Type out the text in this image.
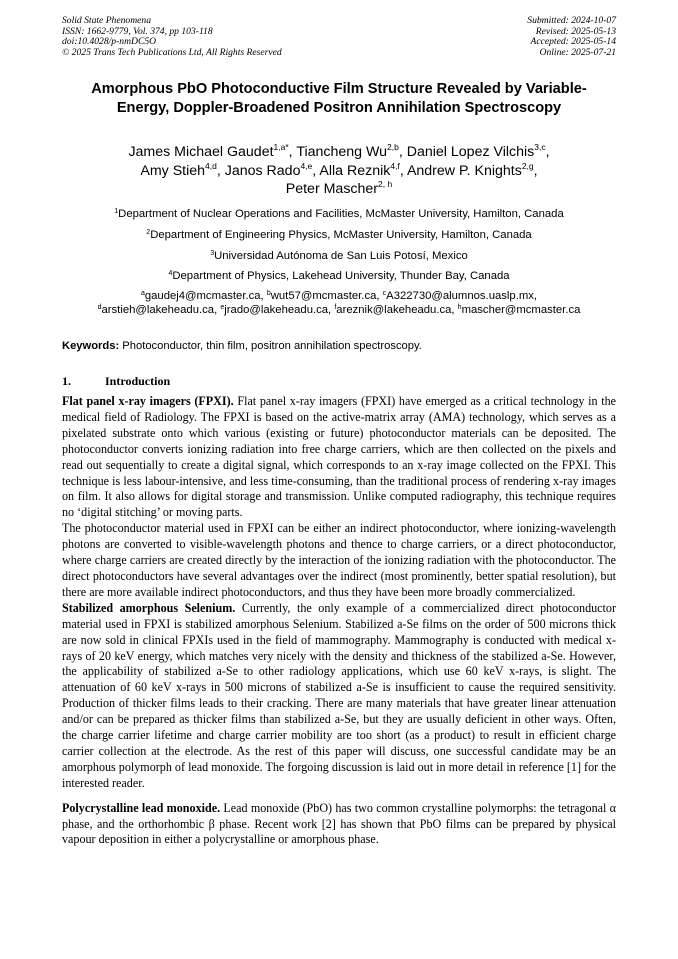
Solid State Phenomena
ISSN: 1662-9779, Vol. 374, pp 103-118
doi:10.4028/p-nmDC5O
© 2025 Trans Tech Publications Ltd, All Rights Reserved
Submitted: 2024-10-07
Revised: 2025-05-13
Accepted: 2025-05-14
Online: 2025-07-21
Amorphous PbO Photoconductive Film Structure Revealed by Variable-Energy, Doppler-Broadened Positron Annihilation Spectroscopy
James Michael Gaudet$^{1,a*}$, Tiancheng Wu$^{2,b}$, Daniel Lopez Vilchis$^{3,c}$,
Amy Stieh$^{4,d}$, Janos Rado$^{4,e}$, Alla Reznik$^{4,f}$, Andrew P. Knights$^{2,g}$,
Peter Mascher$^{2, h}$
$^1$Department of Nuclear Operations and Facilities, McMaster University, Hamilton, Canada
$^2$Department of Engineering Physics, McMaster University, Hamilton, Canada
$^3$Universidad Autónoma de San Luis Potosí, Mexico
$^4$Department of Physics, Lakehead University, Thunder Bay, Canada
$^a$gaudej4@mcmaster.ca, $^b$wut57@mcmaster.ca, $^c$A322730@alumnos.uaslp.mx,
$^d$arstieh@lakeheadu.ca, $^e$jrado@lakeheadu.ca, $^f$areznik@lakeheadu.ca, $^h$mascher@mcmaster.ca
Keywords: Photoconductor, thin film, positron annihilation spectroscopy.
1.	Introduction

Flat panel x-ray imagers (FPXI). Flat panel x-ray imagers (FPXI) have emerged as a critical technology in the medical field of Radiology. The FPXI is based on the active-matrix array (AMA) technology, which serves as a pixelated substrate onto which various (existing or future) photoconductor materials can be deposited. The photoconductor converts ionizing radiation into free charge carriers, which are then collected on the pixels and read out sequentially to create a digital signal, which corresponds to an x-ray image collected on the FPXI. This technique is less labour-intensive, and less time-consuming, than the traditional process of rendering x-ray images on film. It also allows for digital storage and transmission. Unlike computed radiography, this technique requires no ‘digital stitching’ or moving parts.

The photoconductor material used in FPXI can be either an indirect photoconductor, where ionizing-wavelength photons are converted to visible-wavelength photons and thence to charge carriers, or a direct photoconductor, where charge carriers are created directly by the interaction of the ionizing radiation with the photoconductor. The direct photoconductors have several advantages over the indirect (most prominently, better spatial resolution), but there are more available indirect photoconductors, and thus they have been more broadly commercialized.

Stabilized amorphous Selenium. Currently, the only example of a commercialized direct photoconductor material used in FPXI is stabilized amorphous Selenium. Stabilized a-Se films on the order of 500 microns thick are now sold in clinical FPXIs used in the field of mammography. Mammography is conducted with medical x-rays of 20 keV energy, which matches very nicely with the density and thickness of the stabilized a-Se. However, the applicability of stabilized a-Se to other radiology applications, which use 60 keV x-rays, is slight. The attenuation of 60 keV x-rays in 500 microns of stabilized a-Se is insufficient to cause the required sensitivity. Production of thicker films leads to their cracking. There are many materials that have greater linear attenuation and/or can be prepared as thicker films than stabilized a-Se, but they are usually deficient in other ways. Often, the charge carrier lifetime and charge carrier mobility are too short (as a product) to result in efficient charge carrier collection at the electrode. As the rest of this paper will discuss, one successful candidate may be an amorphous polymorph of lead monoxide. The forgoing discussion is laid out in more detail in reference [1] for the interested reader.

Polycrystalline lead monoxide. Lead monoxide (PbO) has two common crystalline polymorphs: the tetragonal α phase, and the orthorhombic β phase. Recent work [2] has shown that PbO films can be prepared by physical vapour deposition in either a polycrystalline or amorphous phase.
